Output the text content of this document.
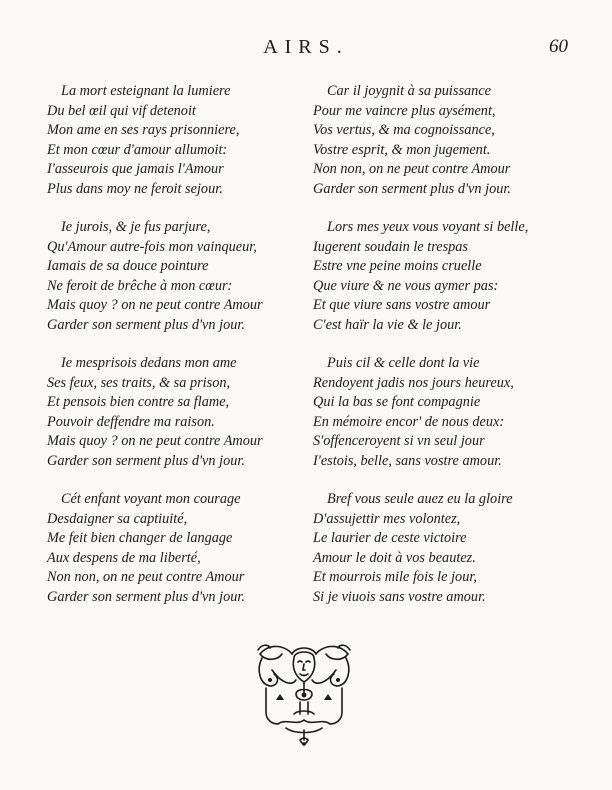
AIRS.	60
La mort esteignant la lumiere
Du bel œil qui vif detenoit
Mon ame en ses rays prisonniere,
Et mon cœur d'amour allumoit:
I'asseurois que jamais l'Amour
Plus dans moy ne feroit sejour.
Ie jurois, & je fus parjure,
Qu'Amour autre-fois mon vainqueur,
Iamais de sa douce pointure
Ne feroit de brêche à mon cœur:
Mais quoy ? on ne peut contre Amour
Garder son serment plus d'vn jour.
Ie mesprisois dedans mon ame
Ses feux, ses traits, & sa prison,
Et pensois bien contre sa flame,
Pouvoir deffendre ma raison.
Mais quoy ? on ne peut contre Amour
Garder son serment plus d'vn jour.
Cét enfant voyant mon courage
Desdaigner sa captiuité,
Me feit bien changer de langage
Aux despens de ma liberté,
Non non, on ne peut contre Amour
Garder son serment plus d'vn jour.
Car il joygnit à sa puissance
Pour me vaincre plus aysément,
Vos vertus, & ma cognoissance,
Vostre esprit, & mon jugement.
Non non, on ne peut contre Amour
Garder son serment plus d'vn jour.
Lors mes yeux vous voyant si belle,
Iugerent soudain le trespas
Estre vne peine moins cruelle
Que viure & ne vous aymer pas:
Et que viure sans vostre amour
C'est haïr la vie & le jour.
Puis cil & celle dont la vie
Rendoyent jadis nos jours heureux,
Qui la bas se font compagnie
En mémoire encor' de nous deux:
S'offenceroyent si vn seul jour
I'estois, belle, sans vostre amour.
Bref vous seule auez eu la gloire
D'assujettir mes volontez,
Le laurier de ceste victoire
Amour le doit à vos beautez.
Et mourrois mile fois le jour,
Si je viuois sans vostre amour.
